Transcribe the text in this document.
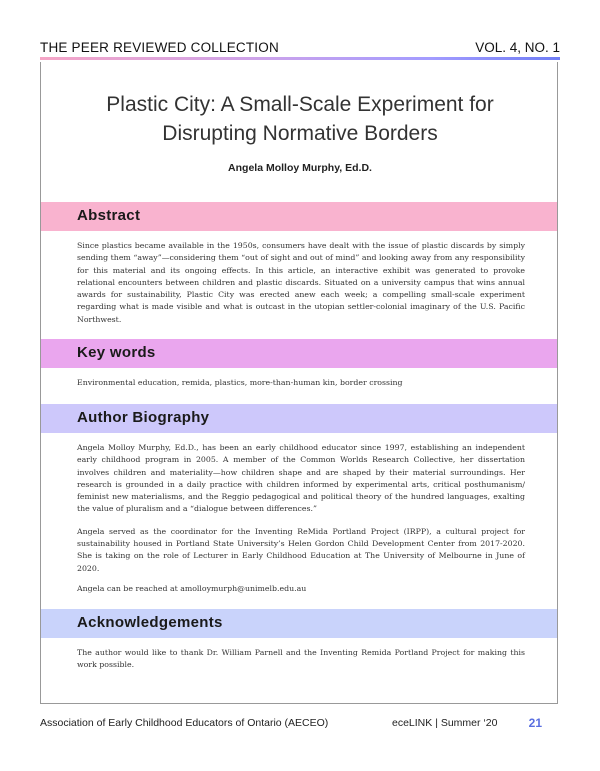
THE PEER REVIEWED COLLECTION	VOL. 4, NO. 1
Plastic City: A Small-Scale Experiment for
Disrupting Normative Borders
Angela Molloy Murphy, Ed.D.
Abstract

Since plastics became available in the 1950s, consumers have dealt with the issue of plastic discards by simply sending them “away”—considering them “out of sight and out of mind” and looking away from any responsibility for this material and its ongoing effects. In this article, an interactive exhibit was generated to provoke relational encounters between children and plastic discards. Situated on a university campus that wins annual awards for sustainability, Plastic City was erected anew each week; a compelling small-scale experiment regarding what is made visible and what is outcast in the utopian settler-colonial imaginary of the U.S. Pacific Northwest.

Key words

Environmental education, remida, plastics, more-than-human kin, border crossing

Author Biography

Angela Molloy Murphy, Ed.D., has been an early childhood educator since 1997, establishing an independent early childhood program in 2005. A member of the Common Worlds Research Collective, her dissertation involves children and materiality—how children shape and are shaped by their material surroundings. Her research is grounded in a daily practice with children informed by experimental arts, critical posthumanism/ feminist new materialisms, and the Reggio pedagogical and political theory of the hundred languages, exalting the value of pluralism and a “dialogue between differences.”

Angela served as the coordinator for the Inventing ReMida Portland Project (IRPP), a cultural project for sustainability housed in Portland State University’s Helen Gordon Child Development Center from 2017-2020. She is taking on the role of Lecturer in Early Childhood Education at The University of Melbourne in June of 2020.

Angela can be reached at amolloymurph@unimelb.edu.au

Acknowledgements

The author would like to thank Dr. William Parnell and the Inventing Remida Portland Project for making this work possible.

Association of Early Childhood Educators of Ontario (AECEO)	eceLINK | Summer ‘20	21
